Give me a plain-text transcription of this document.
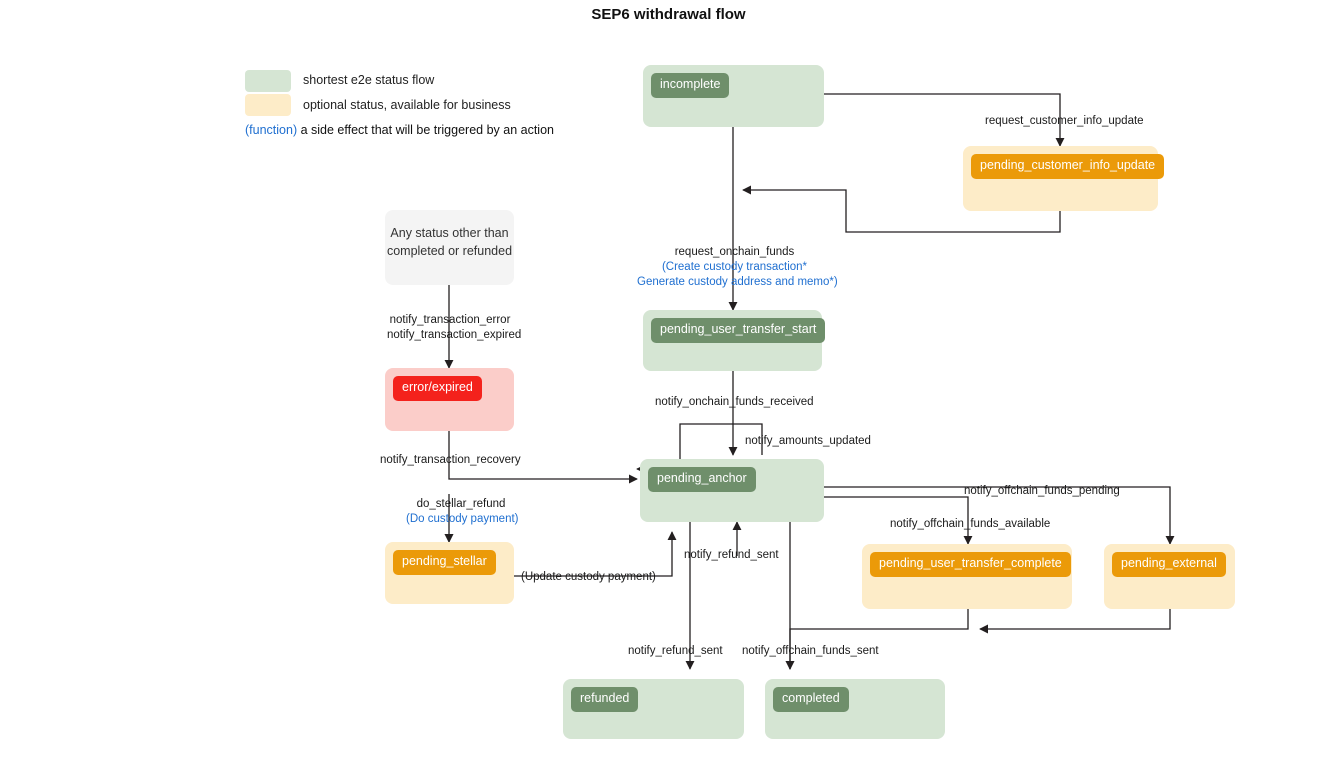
SEP6 withdrawal flow
shortest e2e status flow
optional status, available for business
(function) a side effect that will be triggered by an action
incomplete
pending_customer_info_update
Any status other than
completed or refunded
error/expired
pending_user_transfer_start
pending_anchor
pending_stellar	pending_user_transfer_complete	pending_external
refunded	completed
request_customer_info_update
request_onchain_funds
(Create custody transaction*
Generate custody address and memo*)
notify_transaction_error
notify_transaction_expired
notify_transaction_recovery
notify_onchain_funds_received
notify_amounts_updated
do_stellar_refund
(Do custody payment)
(Update custody payment)
notify_refund_sent
notify_offchain_funds_pending
notify_offchain_funds_available
notify_refund_sent notify_offchain_funds_sent
